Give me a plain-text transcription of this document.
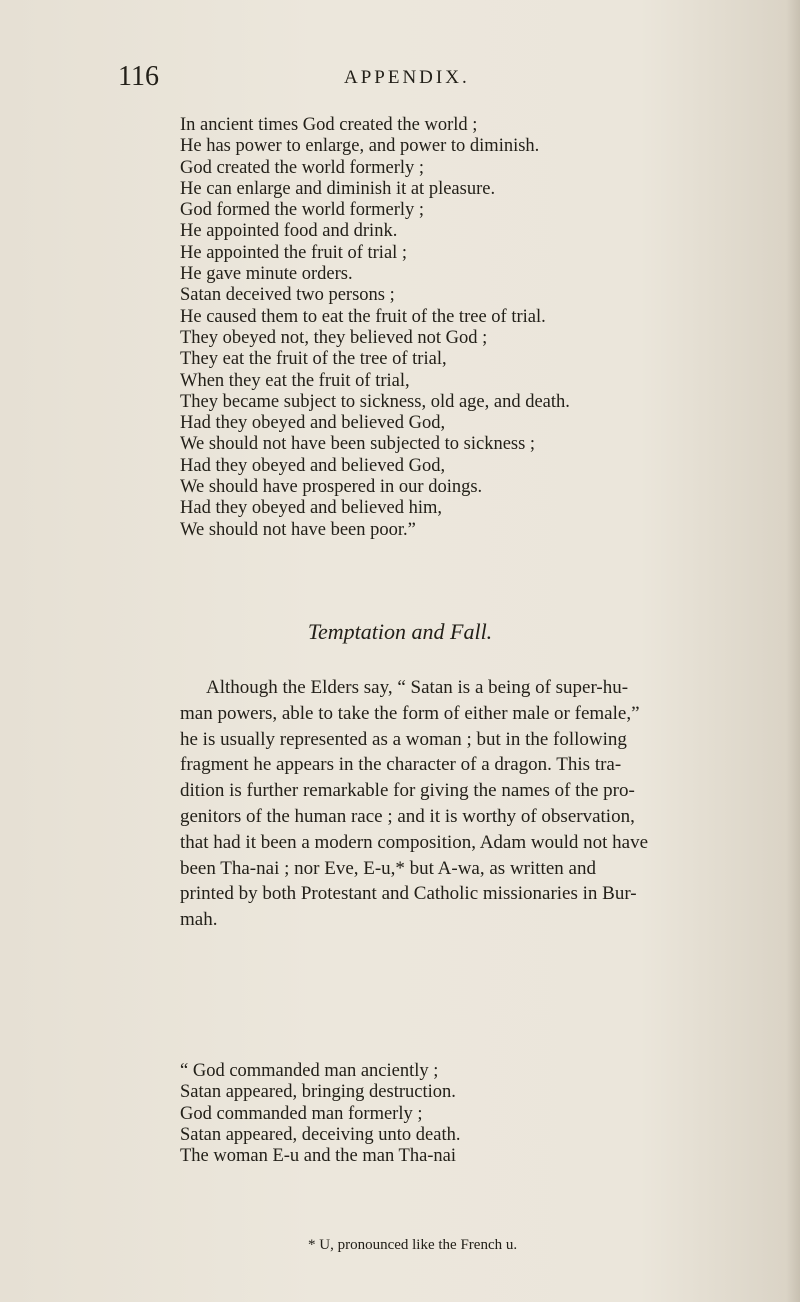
116	APPENDIX.
In ancient times God created the world ;
He has power to enlarge, and power to diminish.
God created the world formerly ;
He can enlarge and diminish it at pleasure.
God formed the world formerly ;
He appointed food and drink.
He appointed the fruit of trial ;
He gave minute orders.
Satan deceived two persons ;
He caused them to eat the fruit of the tree of trial.
They obeyed not, they believed not God ;
They eat the fruit of the tree of trial,
When they eat the fruit of trial,
They became subject to sickness, old age, and death.
Had they obeyed and believed God,
We should not have been subjected to sickness ;
Had they obeyed and believed God,
We should have prospered in our doings.
Had they obeyed and believed him,
We should not have been poor.”
Temptation and Fall.
Although the Elders say, “ Satan is a being of super-hu-
man powers, able to take the form of either male or female,”
he is usually represented as a woman ; but in the following
fragment he appears in the character of a dragon. This tra-
dition is further remarkable for giving the names of the pro-
genitors of the human race ; and it is worthy of observation,
that had it been a modern composition, Adam would not have
been Tha-nai ; nor Eve, E-u,* but A-wa, as written and
printed by both Protestant and Catholic missionaries in Bur-
mah.
“ God commanded man anciently ;
Satan appeared, bringing destruction.
God commanded man formerly ;
Satan appeared, deceiving unto death.
The woman E-u and the man Tha-nai
* U, pronounced like the French u.
